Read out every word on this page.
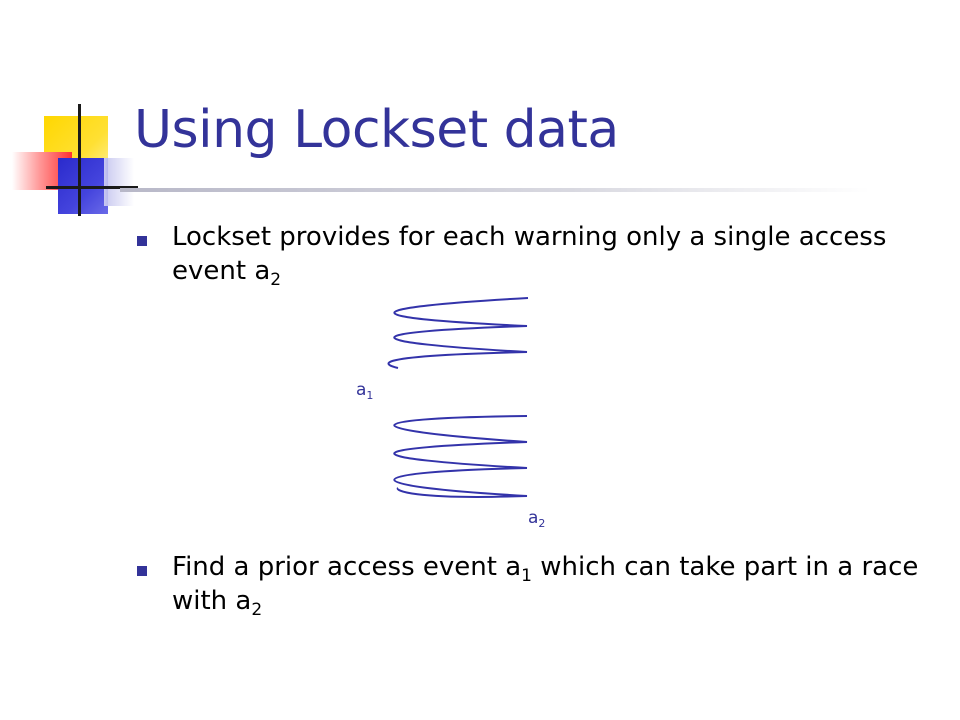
Using Lockset data
Lockset provides for each warning only a single access event $a_2$
$a_1$
$a_2$
Find a prior access event $a_1$ which can take part in a race with $a_2$
